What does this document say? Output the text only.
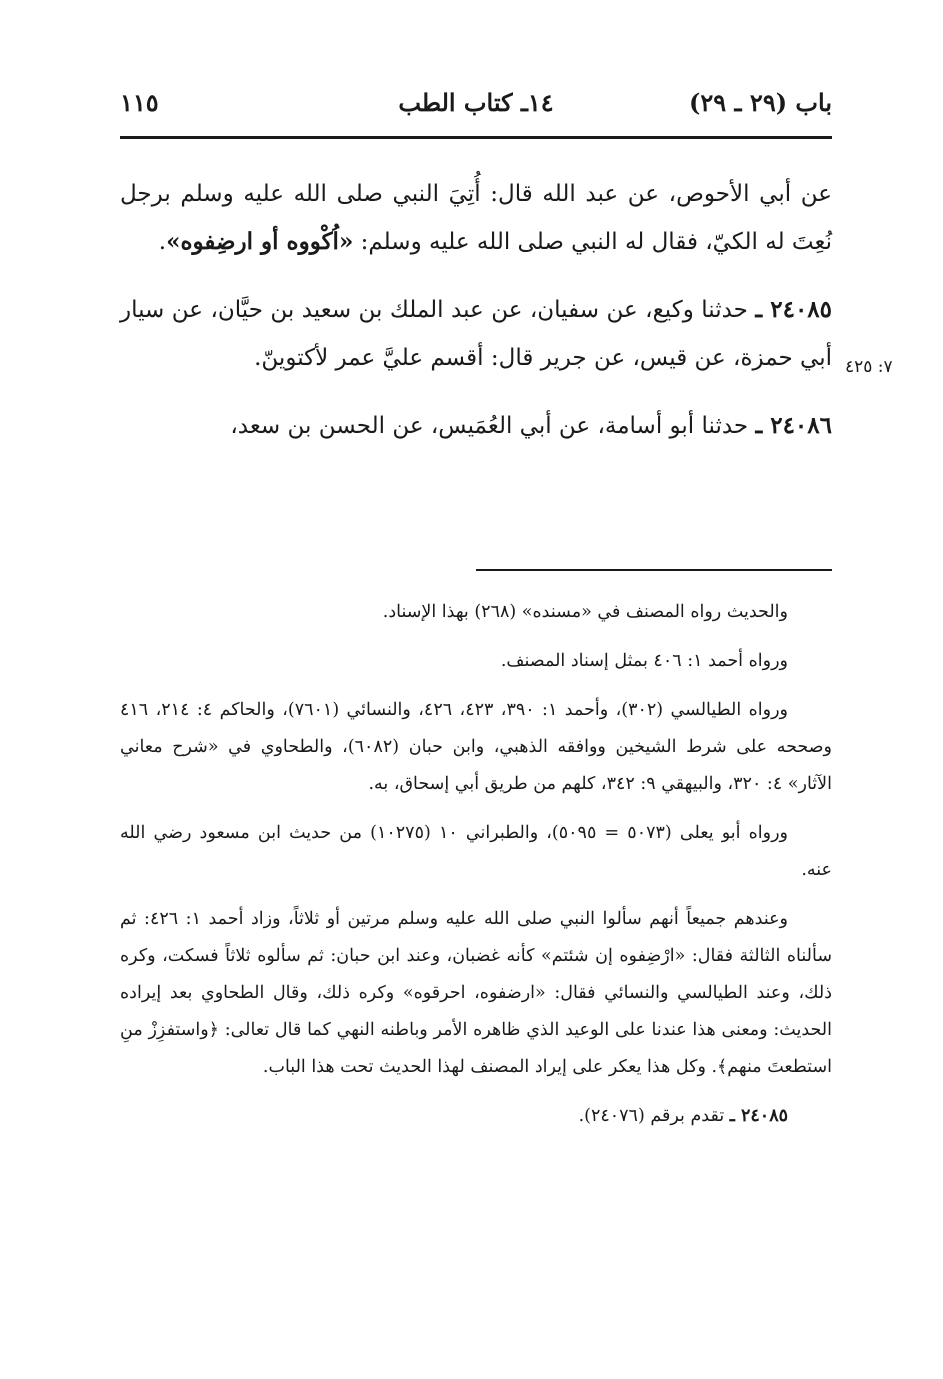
باب (٢٩ ـ ٢٩)
١٤ـ كتاب الطب
١١٥

عن أبي الأحوص، عن عبد الله قال: أُتِيَ النبي صلى الله عليه وسلم برجل نُعِتَ له الكيّ، فقال له النبي صلى الله عليه وسلم: «اُكْووه أو ارضِفوه».

٢٤٠٨٥ ـ حدثنا وكيع، عن سفيان، عن عبد الملك بن سعيد بن حيَّان، عن سيار أبي حمزة، عن قيس، عن جرير قال: أقسم عليَّ عمر لأكتوينّ.

٢٤٠٨٦ ـ حدثنا أبو أسامة، عن أبي العُمَيس، عن الحسن بن سعد،

٧: ٤٢٥

والحديث رواه المصنف في «مسنده» (٢٦٨) بهذا الإسناد.

ورواه أحمد ١: ٤٠٦ بمثل إسناد المصنف.

ورواه الطيالسي (٣٠٢)، وأحمد ١: ٣٩٠، ٤٢٣، ٤٢٦، والنسائي (٧٦٠١)، والحاكم ٤: ٢١٤، ٤١٦ وصححه على شرط الشيخين ووافقه الذهبي، وابن حبان (٦٠٨٢)، والطحاوي في «شرح معاني الآثار» ٤: ٣٢٠، والبيهقي ٩: ٣٤٢، كلهم من طريق أبي إسحاق، به.

ورواه أبو يعلى (٥٠٧٣ = ٥٠٩٥)، والطبراني ١٠ (١٠٢٧٥) من حديث ابن مسعود رضي الله عنه.

وعندهم جميعاً أنهم سألوا النبي صلى الله عليه وسلم مرتين أو ثلاثاً، وزاد أحمد ١: ٤٢٦: ثم سألناه الثالثة فقال: «ارْضِفوه إن شئتم» كأنه غضبان، وعند ابن حبان: ثم سألوه ثلاثاً فسكت، وكره ذلك، وعند الطيالسي والنسائي فقال: «ارضفوه، احرقوه» وكره ذلك، وقال الطحاوي بعد إيراده الحديث: ومعنى هذا عندنا على الوعيد الذي ظاهره الأمر وباطنه النهي كما قال تعالى: ﴿واستفزِزْ منِ استطعتَ منهم﴾. وكل هذا يعكر على إيراد المصنف لهذا الحديث تحت هذا الباب.

٢٤٠٨٥ ـ تقدم برقم (٢٤٠٧٦).
